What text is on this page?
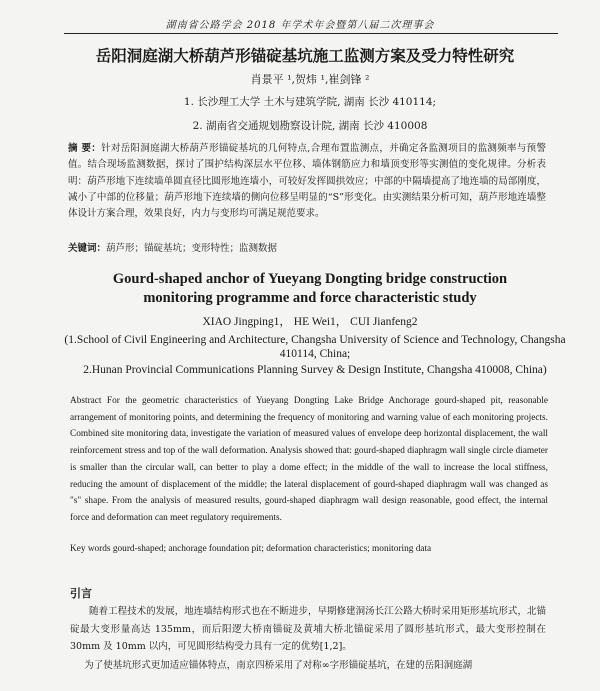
湖南省公路学会 2018 年学术年会暨第八届二次理事会
岳阳洞庭湖大桥葫芦形锚碇基坑施工监测方案及受力特性研究
肖景平 ¹,贺炜 ¹,崔剑锋 ²
1. 长沙理工大学 土木与建筑学院, 湖南 长沙 410114;
2. 湖南省交通规划勘察设计院, 湖南 长沙 410008
摘 要：针对岳阳洞庭湖大桥葫芦形锚碇基坑的几何特点,合理布置监测点，并确定各监测项目的监测频率与预警值。结合现场监测数据，探讨了围护结构深层水平位移、墙体钢筋应力和墙顶变形等实测值的变化规律。分析表明：葫芦形地下连续墙单圆直径比圆形地连墙小，可较好发挥圆拱效应；中部的中隔墙提高了地连墙的局部刚度，减小了中部的位移量；葫芦形地下连续墙的侧向位移呈明显的“S”形变化。由实测结果分析可知，葫芦形地连墙整体设计方案合理，效果良好，内力与变形均可满足规范要求。
关键词：葫芦形；锚碇基坑；变形特性；监测数据
Gourd-shaped anchor of Yueyang Dongting bridge construction
monitoring programme and force characteristic study
XIAO Jingping1， HE Wei1， CUI Jianfeng2
(1.School of Civil Engineering and Architecture, Changsha University of Science and Technology, Changsha 410114, China;
2.Hunan Provincial Communications Planning Survey & Design Institute, Changsha 410008, China)
Abstract For the geometric characteristics of Yueyang Dongting Lake Bridge Anchorage gourd-shaped pit, reasonable arrangement of monitoring points, and determining the frequency of monitoring and warning value of each monitoring projects. Combined site monitoring data, investigate the variation of measured values of envelope deep horizontal displacement, the wall reinforcement stress and top of the wall deformation. Analysis showed that: gourd-shaped diaphragm wall single circle diameter is smaller than the circular wall, can better to play a dome effect; in the middle of the wall to increase the local stiffness, reducing the amount of displacement of the middle; the lateral displacement of gourd-shaped diaphragm wall was changed as "s" shape. From the analysis of measured results, gourd-shaped diaphragm wall design reasonable, good effect, the internal force and deformation can meet regulatory requirements.
Key words gourd-shaped; anchorage foundation pit; deformation characteristics; monitoring data
引言
随着工程技术的发展，地连墙结构形式也在不断进步，早期修建洞汤长江公路大桥时采用矩形基坑形式，北锚碇最大变形量高达 135mm，而后阳逻大桥南锚碇及黄埔大桥北锚碇采用了圆形基坑形式，最大变形控制在 30mm 及 10mm 以内，可见圆形结构受力具有一定的优势[1,2]。
为了使基坑形式更加适应锚体特点，南京四桥采用了对称∞字形锚碇基坑，在建的岳阳洞庭湖
